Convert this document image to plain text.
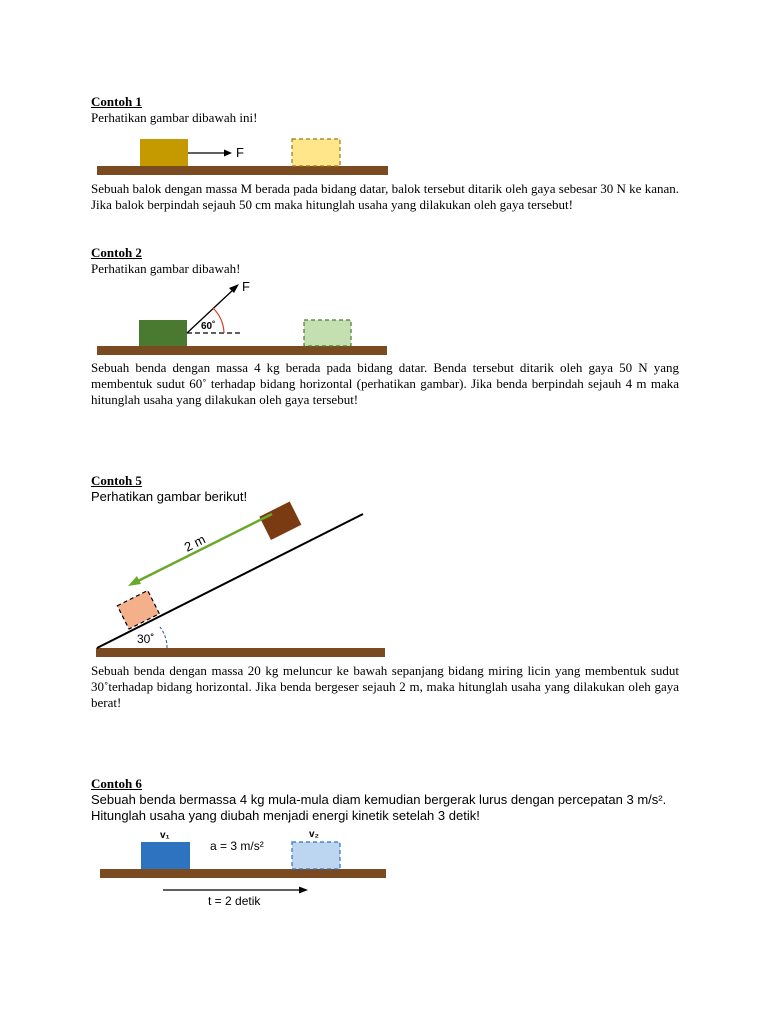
Contoh 1
Perhatikan gambar dibawah ini!
F
Sebuah balok dengan massa M berada pada bidang datar, balok tersebut ditarik oleh gaya sebesar 30 N ke kanan. Jika balok berpindah sejauh 50 cm maka hitunglah usaha yang dilakukan oleh gaya tersebut!
Contoh 2
Perhatikan gambar dibawah!
F
60˚
Sebuah benda dengan massa 4 kg berada pada bidang datar. Benda tersebut ditarik oleh gaya 50 N yang membentuk sudut 60˚ terhadap bidang horizontal (perhatikan gambar). Jika benda berpindah sejauh 4 m maka hitunglah usaha yang dilakukan oleh gaya tersebut!
Contoh 5
Perhatikan gambar berikut!
2 m
30˚
Sebuah benda dengan massa 20 kg meluncur ke bawah sepanjang bidang miring licin yang membentuk sudut 30˚terhadap bidang horizontal. Jika benda bergeser sejauh 2 m, maka hitunglah usaha yang dilakukan oleh gaya berat!
Contoh 6
Sebuah benda bermassa 4 kg mula-mula diam kemudian bergerak lurus dengan percepatan 3 m/s². Hitunglah usaha yang diubah menjadi energi kinetik setelah 3 detik!
v₁
a = 3 m/s²
v₂
t = 2 detik
